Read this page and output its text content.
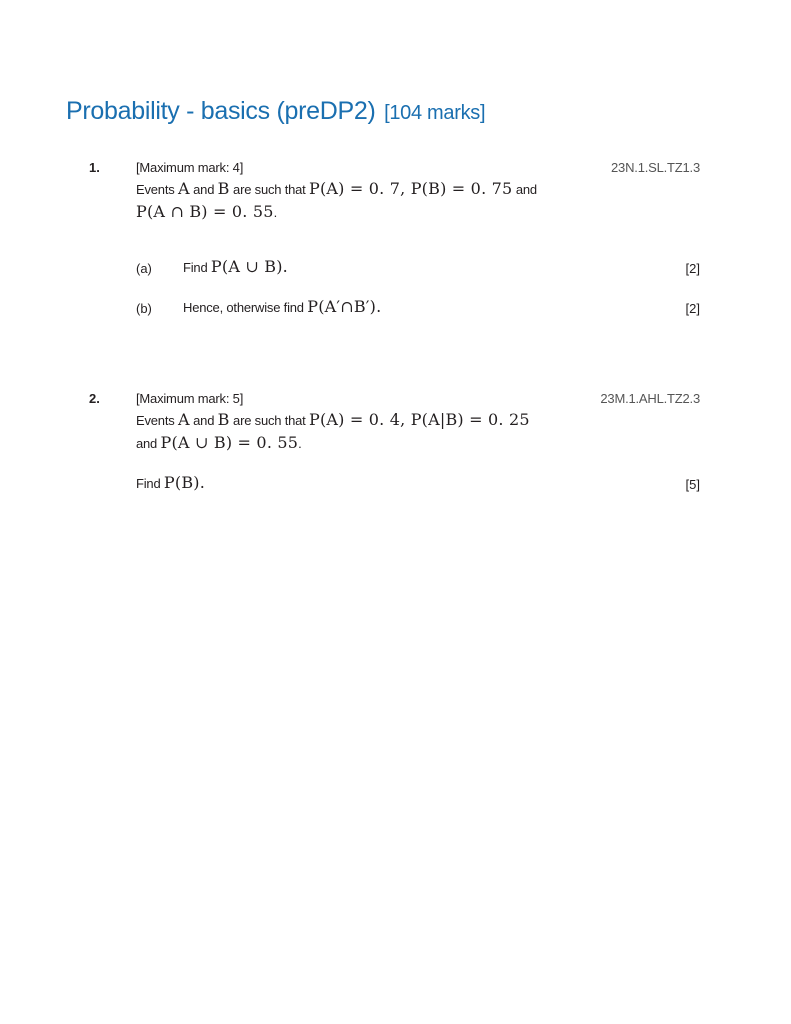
Probability - basics (preDP2) [104 marks]
1.	[Maximum mark: 4]	23N.1.SL.TZ1.3
Events A and B are such that P(A) = 0. 7, P(B) = 0. 75 and
P(A ∩ B) = 0. 55.
(a) Find P(A ∪ B).	[2]
(b) Hence, otherwise find P(A′∩B′).	[2]
2.	[Maximum mark: 5]	23M.1.AHL.TZ2.3
Events A and B are such that P(A) = 0. 4, P(A|B) = 0. 25
and P(A ∪ B) = 0. 55.
Find P(B).	[5]
